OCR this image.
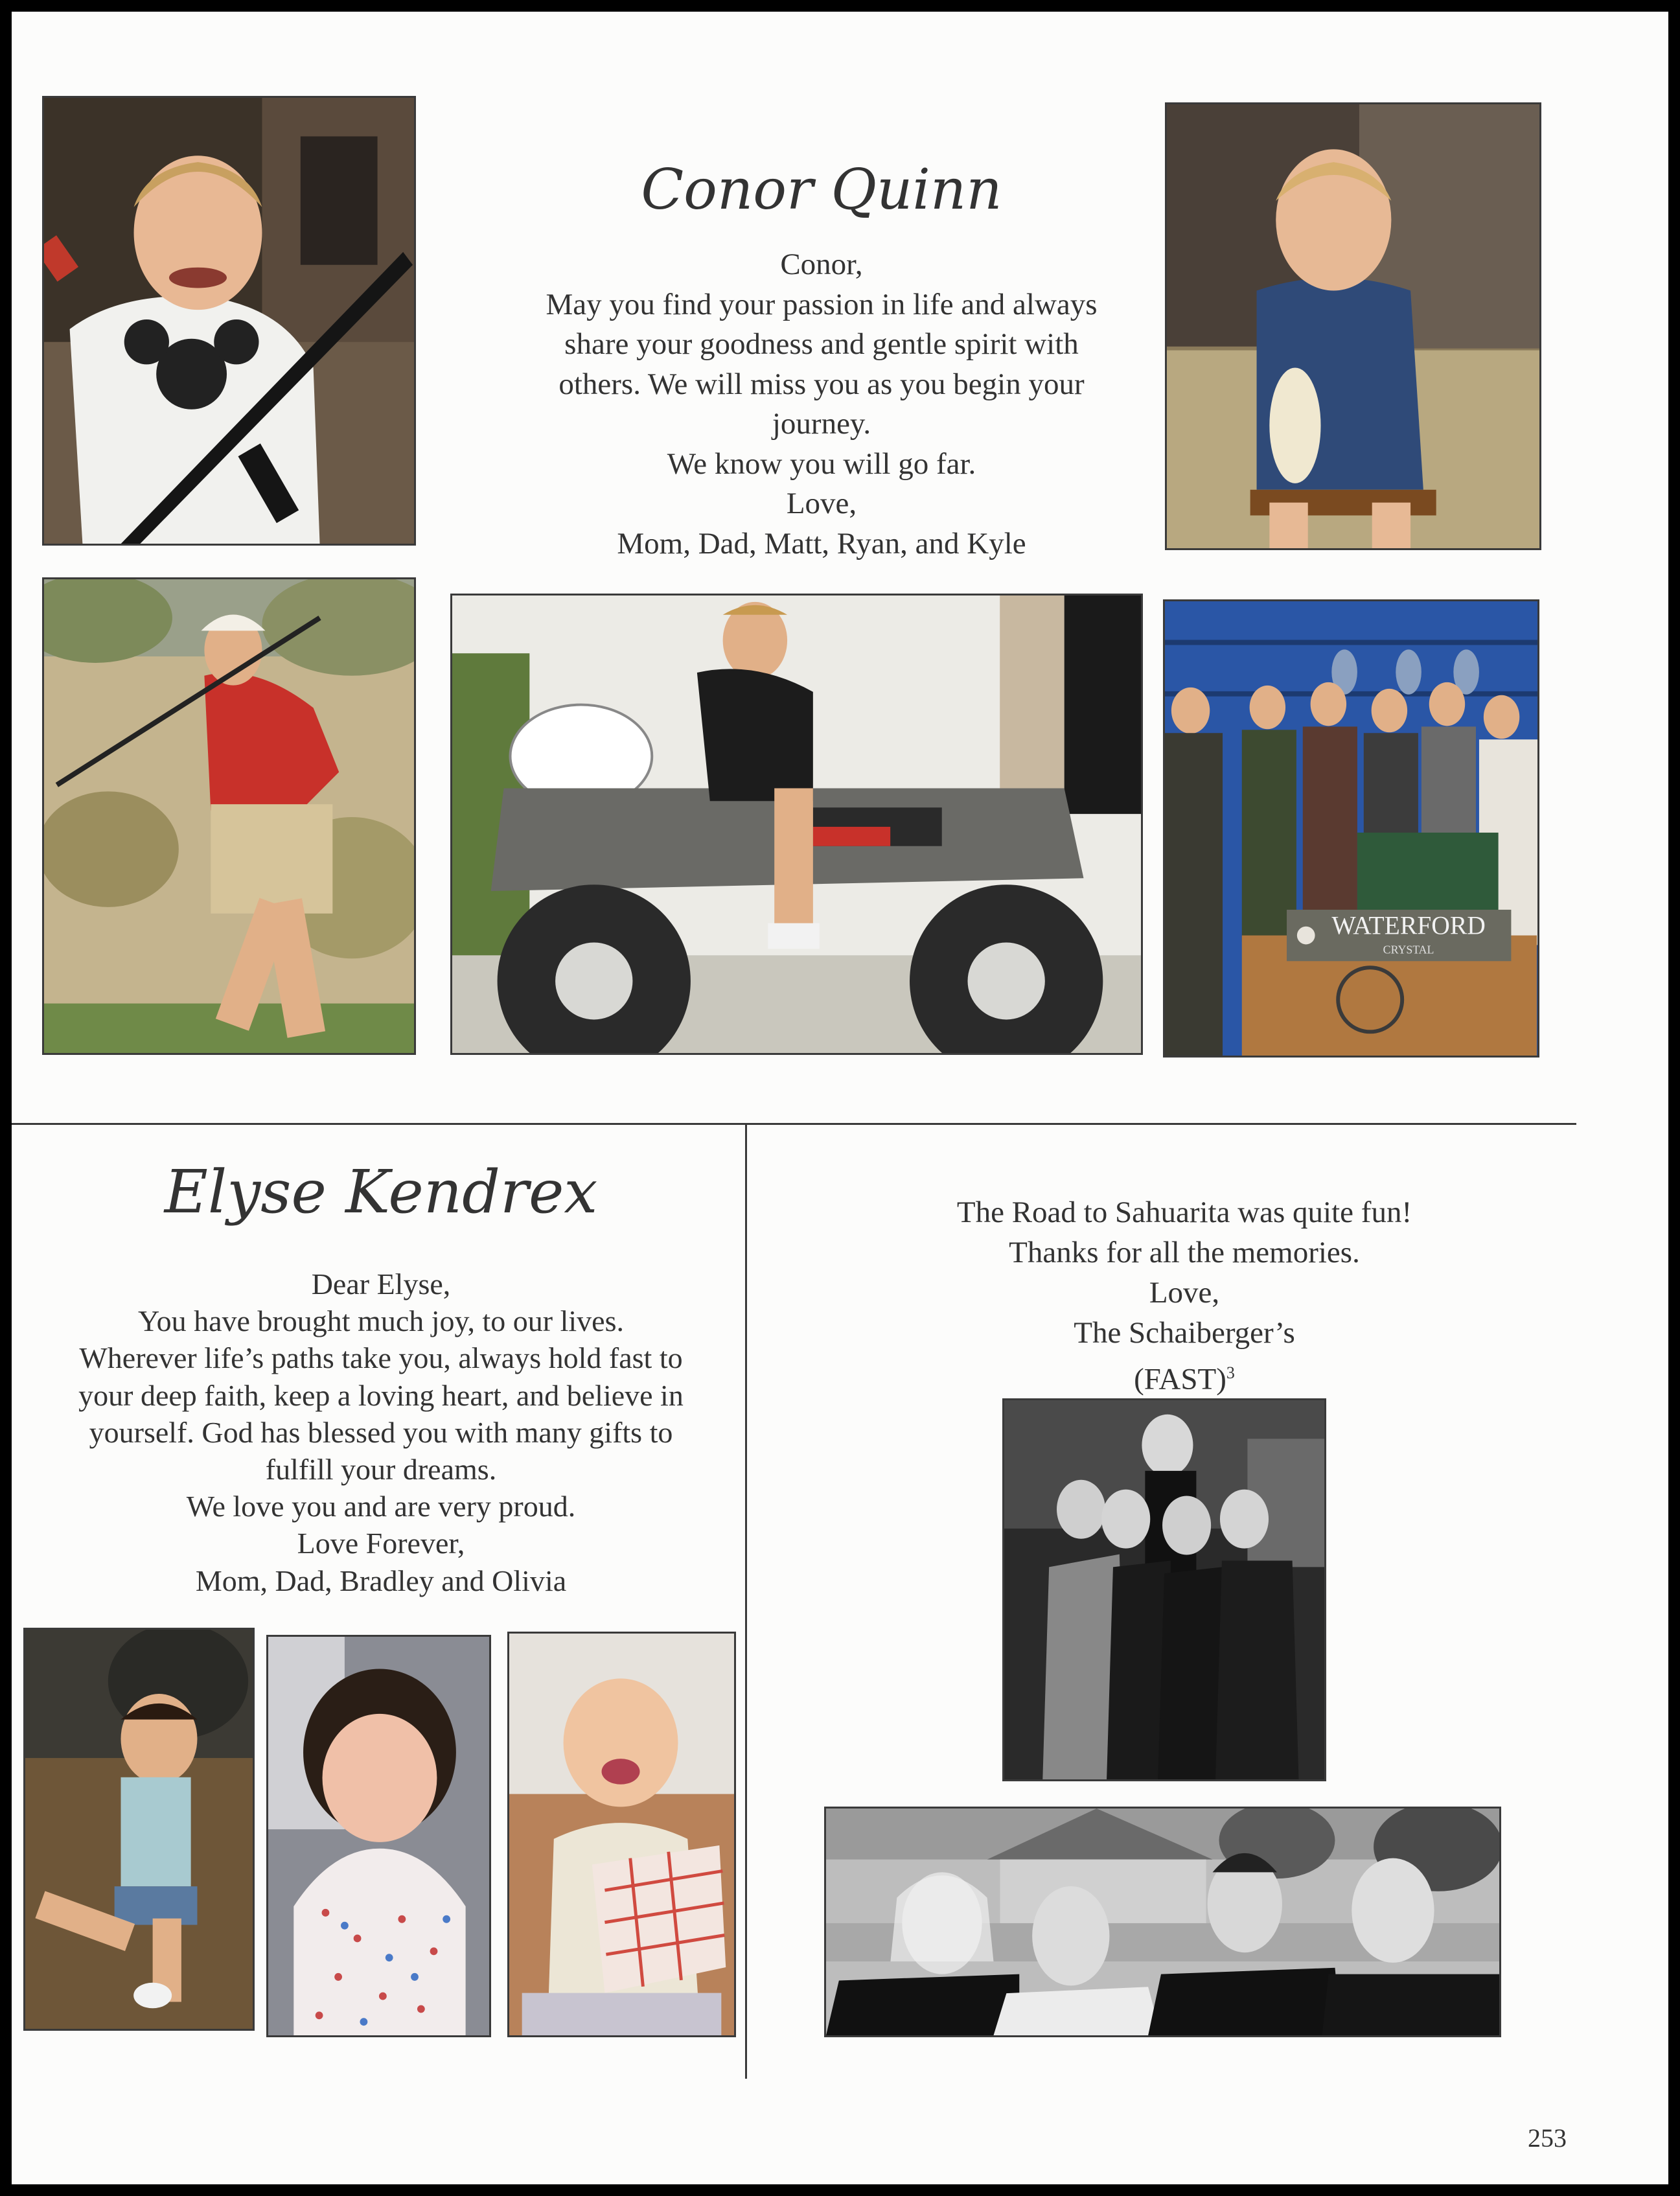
Conor Quinn
Conor,
May you find your passion in life and always
share your goodness and gentle spirit with
others. We will miss you as you begin your
journey.
We know you will go far.
Love,
Mom, Dad, Matt, Ryan, and Kyle
WATERFORD
CRYSTAL
Elyse Kendrex
Dear Elyse,
You have brought much joy, to our lives.
Wherever life’s paths take you, always hold fast to
your deep faith, keep a loving heart, and believe in
yourself. God has blessed you with many gifts to
fulfill your dreams.
We love you and are very proud.
Love Forever,
Mom, Dad, Bradley and Olivia
The Road to Sahuarita was quite fun!
Thanks for all the memories.
Love,
The Schaiberger’s
(FAST)$^3$
253
